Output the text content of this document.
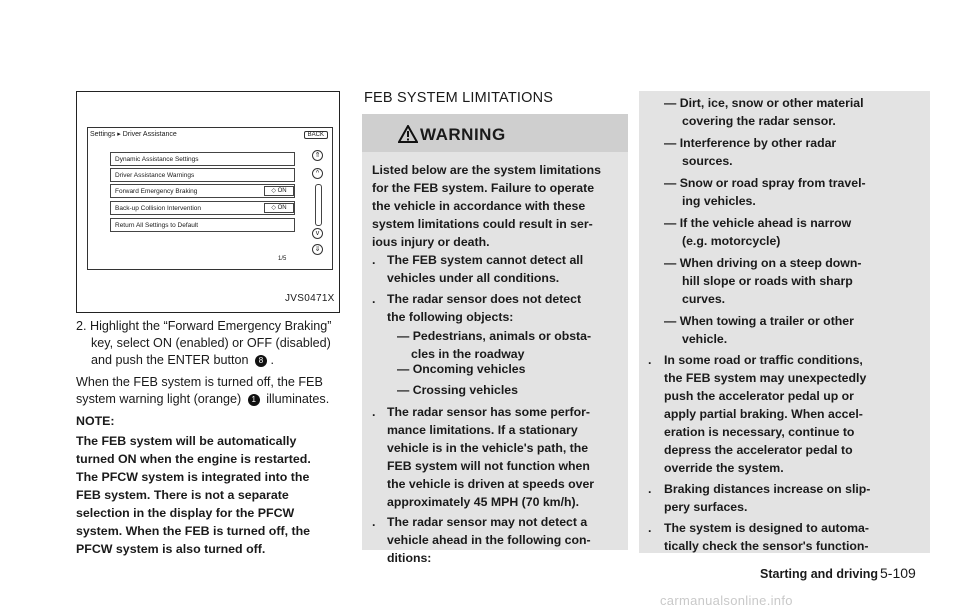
Settings ▸ Driver Assistance	BACK
Dynamic Assistance Settings
Driver Assistance Warnings
Forward Emergency Braking	◇ ON
Back-up Collision Intervention	◇ ON
Return All Settings to Default
⇑
^
v
⇓
1/5
JVS0471X
2. Highlight the “Forward Emergency Braking”
key, select ON (enabled) or OFF (disabled)
and push the ENTER button 8 .
When the FEB system is turned off, the FEB
system warning light (orange) 1 illuminates.
NOTE:
The FEB system will be automatically
turned ON when the engine is restarted.
The PFCW system is integrated into the
FEB system. There is not a separate
selection in the display for the PFCW
system. When the FEB is turned off, the
PFCW system is also turned off.
FEB SYSTEM LIMITATIONS
WARNING
Listed below are the system limitations
for the FEB system. Failure to operate
the vehicle in accordance with these
system limitations could result in ser-
ious injury or death.
. The FEB system cannot detect all
vehicles under all conditions.
. The radar sensor does not detect
the following objects:
— Pedestrians, animals or obsta-
cles in the roadway
— Oncoming vehicles
— Crossing vehicles
. The radar sensor has some perfor-
mance limitations. If a stationary
vehicle is in the vehicle's path, the
FEB system will not function when
the vehicle is driven at speeds over
approximately 45 MPH (70 km/h).
. The radar sensor may not detect a
vehicle ahead in the following con-
ditions:
— Dirt, ice, snow or other material
covering the radar sensor.
— Interference by other radar
sources.
— Snow or road spray from travel-
ing vehicles.
— If the vehicle ahead is narrow
(e.g. motorcycle)
— When driving on a steep down-
hill slope or roads with sharp
curves.
— When towing a trailer or other
vehicle.
. In some road or traffic conditions,
the FEB system may unexpectedly
push the accelerator pedal up or
apply partial braking. When accel-
eration is necessary, continue to
depress the accelerator pedal to
override the system.
. Braking distances increase on slip-
pery surfaces.
. The system is designed to automa-
tically check the sensor's function-
Starting and driving 5-109
carmanualsonline.info
